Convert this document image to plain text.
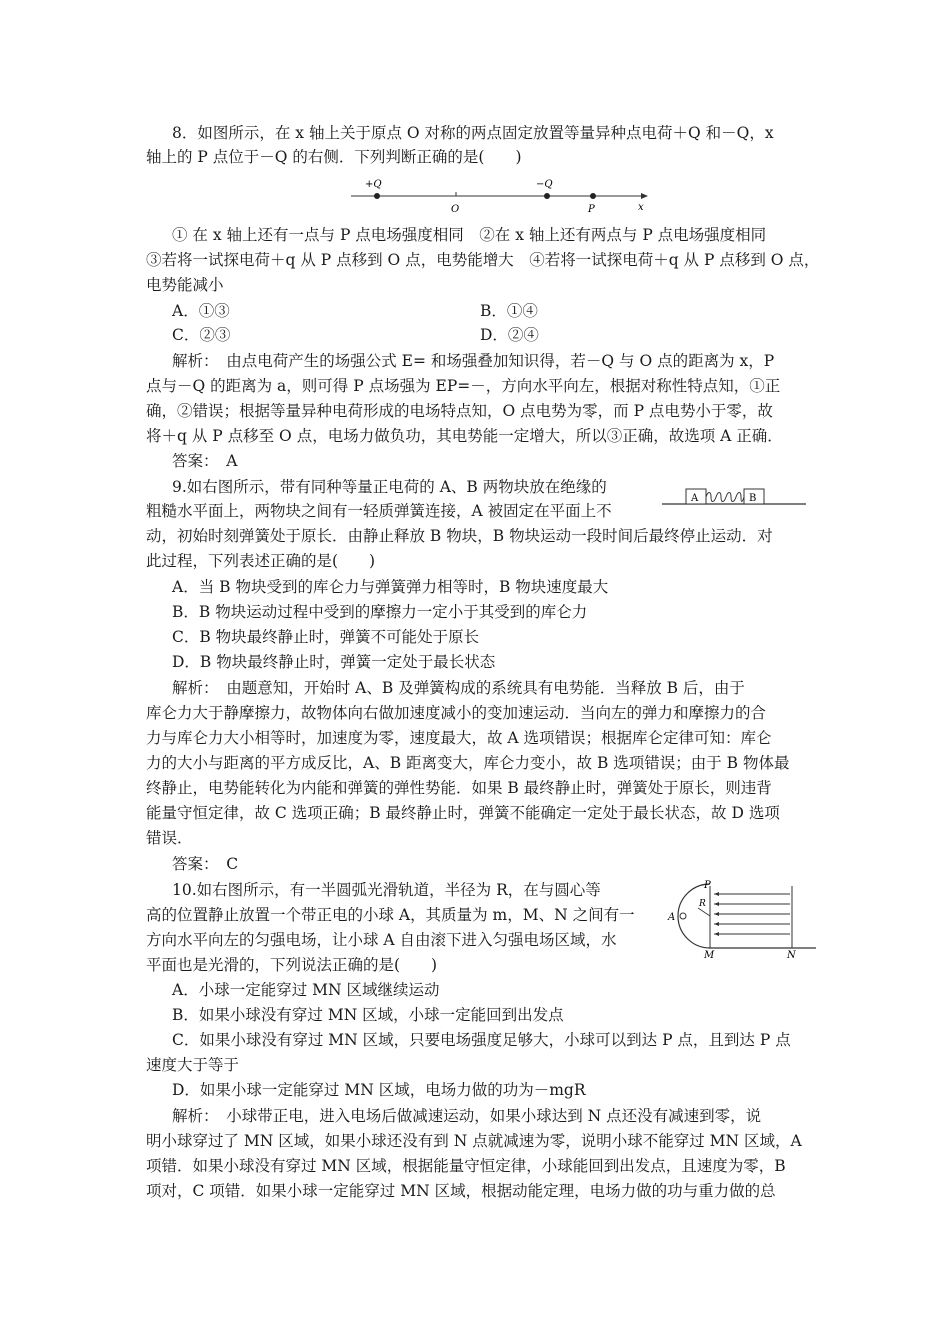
8．如图所示，在 x 轴上关于原点 O 对称的两点固定放置等量异种点电荷＋Q 和－Q，x
轴上的 P 点位于－Q 的右侧．下列判断正确的是(　　)
+Q
O
−Q
P	x
① 在 x 轴上还有一点与 P 点电场强度相同　②在 x 轴上还有两点与 P 点电场强度相同
③若将一试探电荷＋q 从 P 点移到 O 点，电势能增大　④若将一试探电荷＋q 从 P 点移到 O 点，
电势能减小
A．①③	B．①④
C．②③	D．②④
解析：　由点电荷产生的场强公式 E= 和场强叠加知识得，若－Q 与 O 点的距离为 x，P
点与－Q 的距离为 a，则可得 P 点场强为 EP=－，方向水平向左，根据对称性特点知，①正
确，②错误；根据等量异种电荷形成的电场特点知，O 点电势为零，而 P 点电势小于零，故
将＋q 从 P 点移至 O 点，电场力做负功，其电势能一定增大，所以③正确，故选项 A 正确．
答案：　A
9.如右图所示，带有同种等量正电荷的 A、B 两物块放在绝缘的
粗糙水平面上，两物块之间有一轻质弹簧连接，A 被固定在平面上不
动，初始时刻弹簧处于原长．由静止释放 B 物块，B 物块运动一段时间后最终停止运动．对
此过程，下列表述正确的是(　　)
A	B
A．当 B 物块受到的库仑力与弹簧弹力相等时，B 物块速度最大
B．B 物块运动过程中受到的摩擦力一定小于其受到的库仑力
C．B 物块最终静止时，弹簧不可能处于原长
D．B 物块最终静止时，弹簧一定处于最长状态
解析：　由题意知，开始时 A、B 及弹簧构成的系统具有电势能．当释放 B 后，由于
库仑力大于静摩擦力，故物体向右做加速度减小的变加速运动．当向左的弹力和摩擦力的合
力与库仑力大小相等时，加速度为零，速度最大，故 A 选项错误；根据库仑定律可知：库仑
力的大小与距离的平方成反比，A、B 距离变大，库仑力变小，故 B 选项错误；由于 B 物体最
终静止，电势能转化为内能和弹簧的弹性势能．如果 B 最终静止时，弹簧处于原长，则违背
能量守恒定律，故 C 选项正确；B 最终静止时，弹簧不能确定一定处于最长状态，故 D 选项
错误．
答案：　C
10.如右图所示，有一半圆弧光滑轨道，半径为 R，在与圆心等
高的位置静止放置一个带正电的小球 A，其质量为 m，M、N 之间有一
方向水平向左的匀强电场，让小球 A 自由滚下进入匀强电场区域，水
平面也是光滑的，下列说法正确的是(　　)
P
R
A
M	N
A．小球一定能穿过 MN 区域继续运动
B．如果小球没有穿过 MN 区域，小球一定能回到出发点
C．如果小球没有穿过 MN 区域，只要电场强度足够大，小球可以到达 P 点，且到达 P 点
速度大于等于
D．如果小球一定能穿过 MN 区域，电场力做的功为－mgR
解析：　小球带正电，进入电场后做减速运动，如果小球达到 N 点还没有减速到零，说
明小球穿过了 MN 区域，如果小球还没有到 N 点就减速为零，说明小球不能穿过 MN 区域，A
项错．如果小球没有穿过 MN 区域，根据能量守恒定律，小球能回到出发点，且速度为零，B
项对，C 项错．如果小球一定能穿过 MN 区域，根据动能定理，电场力做的功与重力做的总
